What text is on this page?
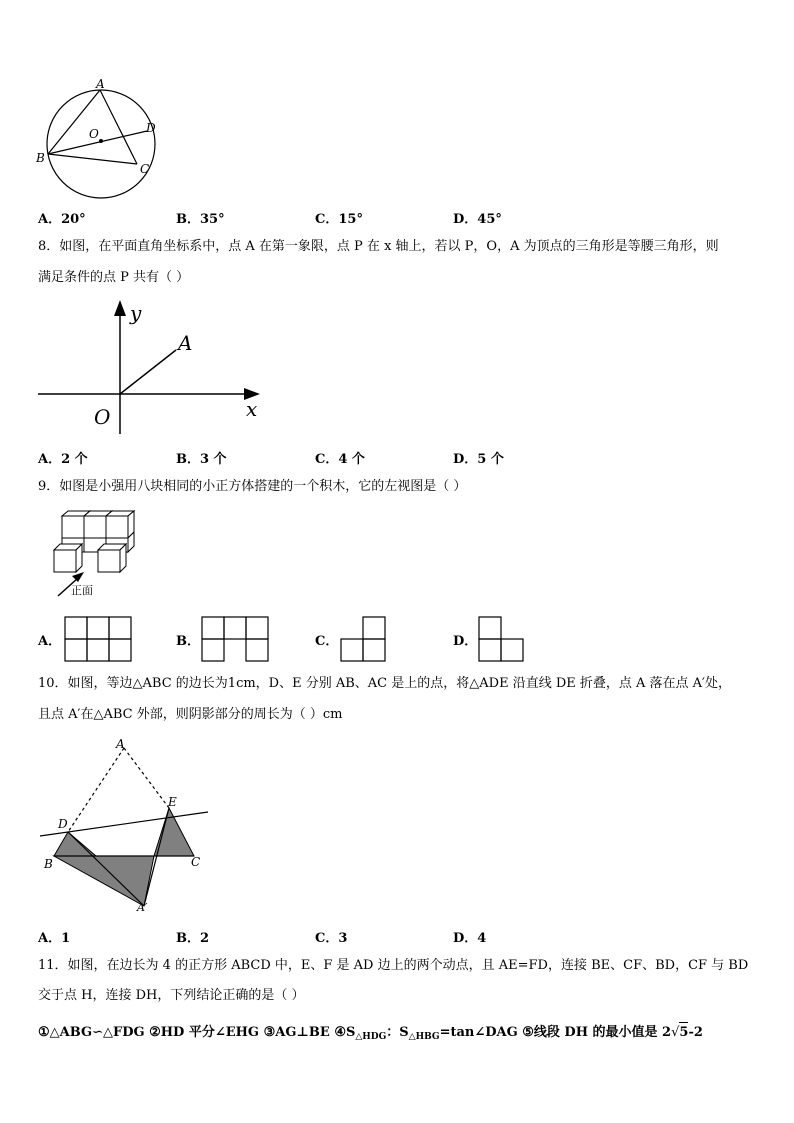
A
O	D
B
C
A．20°	B．35°	C．15°	D．45°
8．如图，在平面直角坐标系中，点 A 在第一象限，点 P 在 x 轴上，若以 P，O，A 为顶点的三角形是等腰三角形，则
满足条件的点 P 共有（ ）
y
A
O	x
A．2 个	B．3 个	C．4 个	D．5 个
9．如图是小强用八块相同的小正方体搭建的一个积木，它的左视图是（ ）
正面
A．	B．	C．	D．
10．如图，等边△ABC 的边长为1cm，D、E 分别 AB、AC 是上的点，将△ADE 沿直线 DE 折叠，点 A 落在点 A′处，
且点 A′在△ABC 外部，则阴影部分的周长为（ ）cm
A
E
D
B	C
A′
A．1	B．2	C．3	D．4
11．如图，在边长为 4 的正方形 ABCD 中，E、F 是 AD 边上的两个动点，且 AE=FD，连接 BE、CF、BD，CF 与 BD
交于点 H，连接 DH，下列结论正确的是（ ）
①△ABG∽△FDG ②HD 平分∠EHG ③AG⊥BE $④S_{\triangle HDG}$：$S_{\triangle HBG}=\tan\angle DAG$ ⑤线段 DH 的最小值是 2√5-2
